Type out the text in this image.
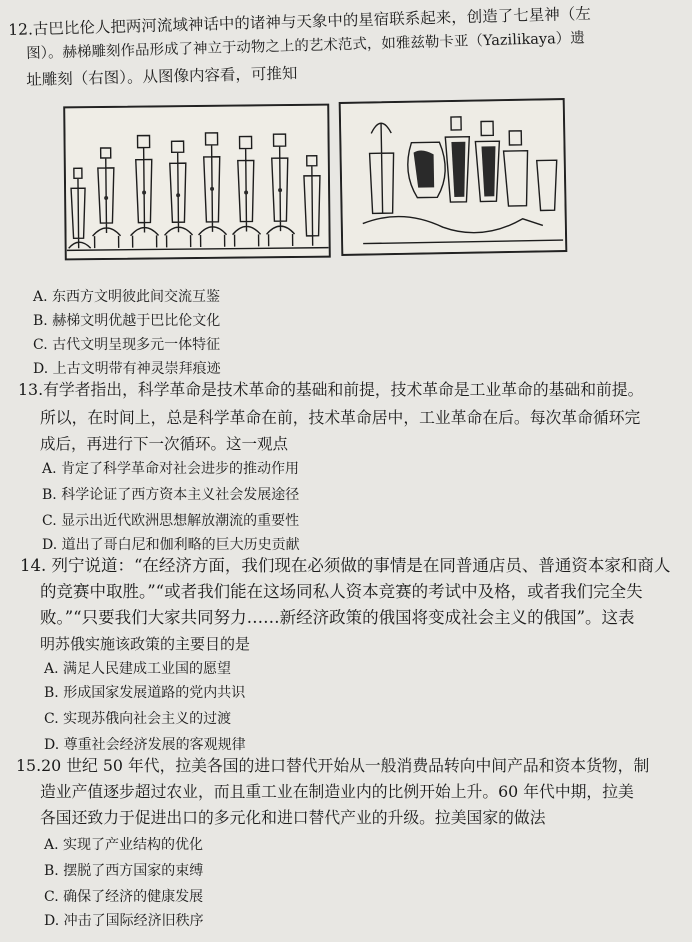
12.古巴比伦人把两河流域神话中的诸神与天象中的星宿联系起来，创造了七星神（左
图）。赫梯雕刻作品形成了神立于动物之上的艺术范式，如雅兹勒卡亚（Yazilikaya）遗
址雕刻（右图）。从图像内容看，可推知
A. 东西方文明彼此间交流互鉴
B. 赫梯文明优越于巴比伦文化
C. 古代文明呈现多元一体特征
D. 上古文明带有神灵崇拜痕迹
13.有学者指出，科学革命是技术革命的基础和前提，技术革命是工业革命的基础和前提。
所以，在时间上，总是科学革命在前，技术革命居中，工业革命在后。每次革命循环完
成后，再进行下一次循环。这一观点
A. 肯定了科学革命对社会进步的推动作用
B. 科学论证了西方资本主义社会发展途径
C. 显示出近代欧洲思想解放潮流的重要性
D. 道出了哥白尼和伽利略的巨大历史贡献
14. 列宁说道：“在经济方面，我们现在必须做的事情是在同普通店员、普通资本家和商人
的竞赛中取胜。”“或者我们能在这场同私人资本竞赛的考试中及格，或者我们完全失
败。”“只要我们大家共同努力……新经济政策的俄国将变成社会主义的俄国”。这表
明苏俄实施该政策的主要目的是
A. 满足人民建成工业国的愿望
B. 形成国家发展道路的党内共识
C. 实现苏俄向社会主义的过渡
D. 尊重社会经济发展的客观规律
15.20 世纪 50 年代，拉美各国的进口替代开始从一般消费品转向中间产品和资本货物，制
造业产值逐步超过农业，而且重工业在制造业内的比例开始上升。60 年代中期，拉美
各国还致力于促进出口的多元化和进口替代产业的升级。拉美国家的做法
A. 实现了产业结构的优化
B. 摆脱了西方国家的束缚
C. 确保了经济的健康发展
D. 冲击了国际经济旧秩序
